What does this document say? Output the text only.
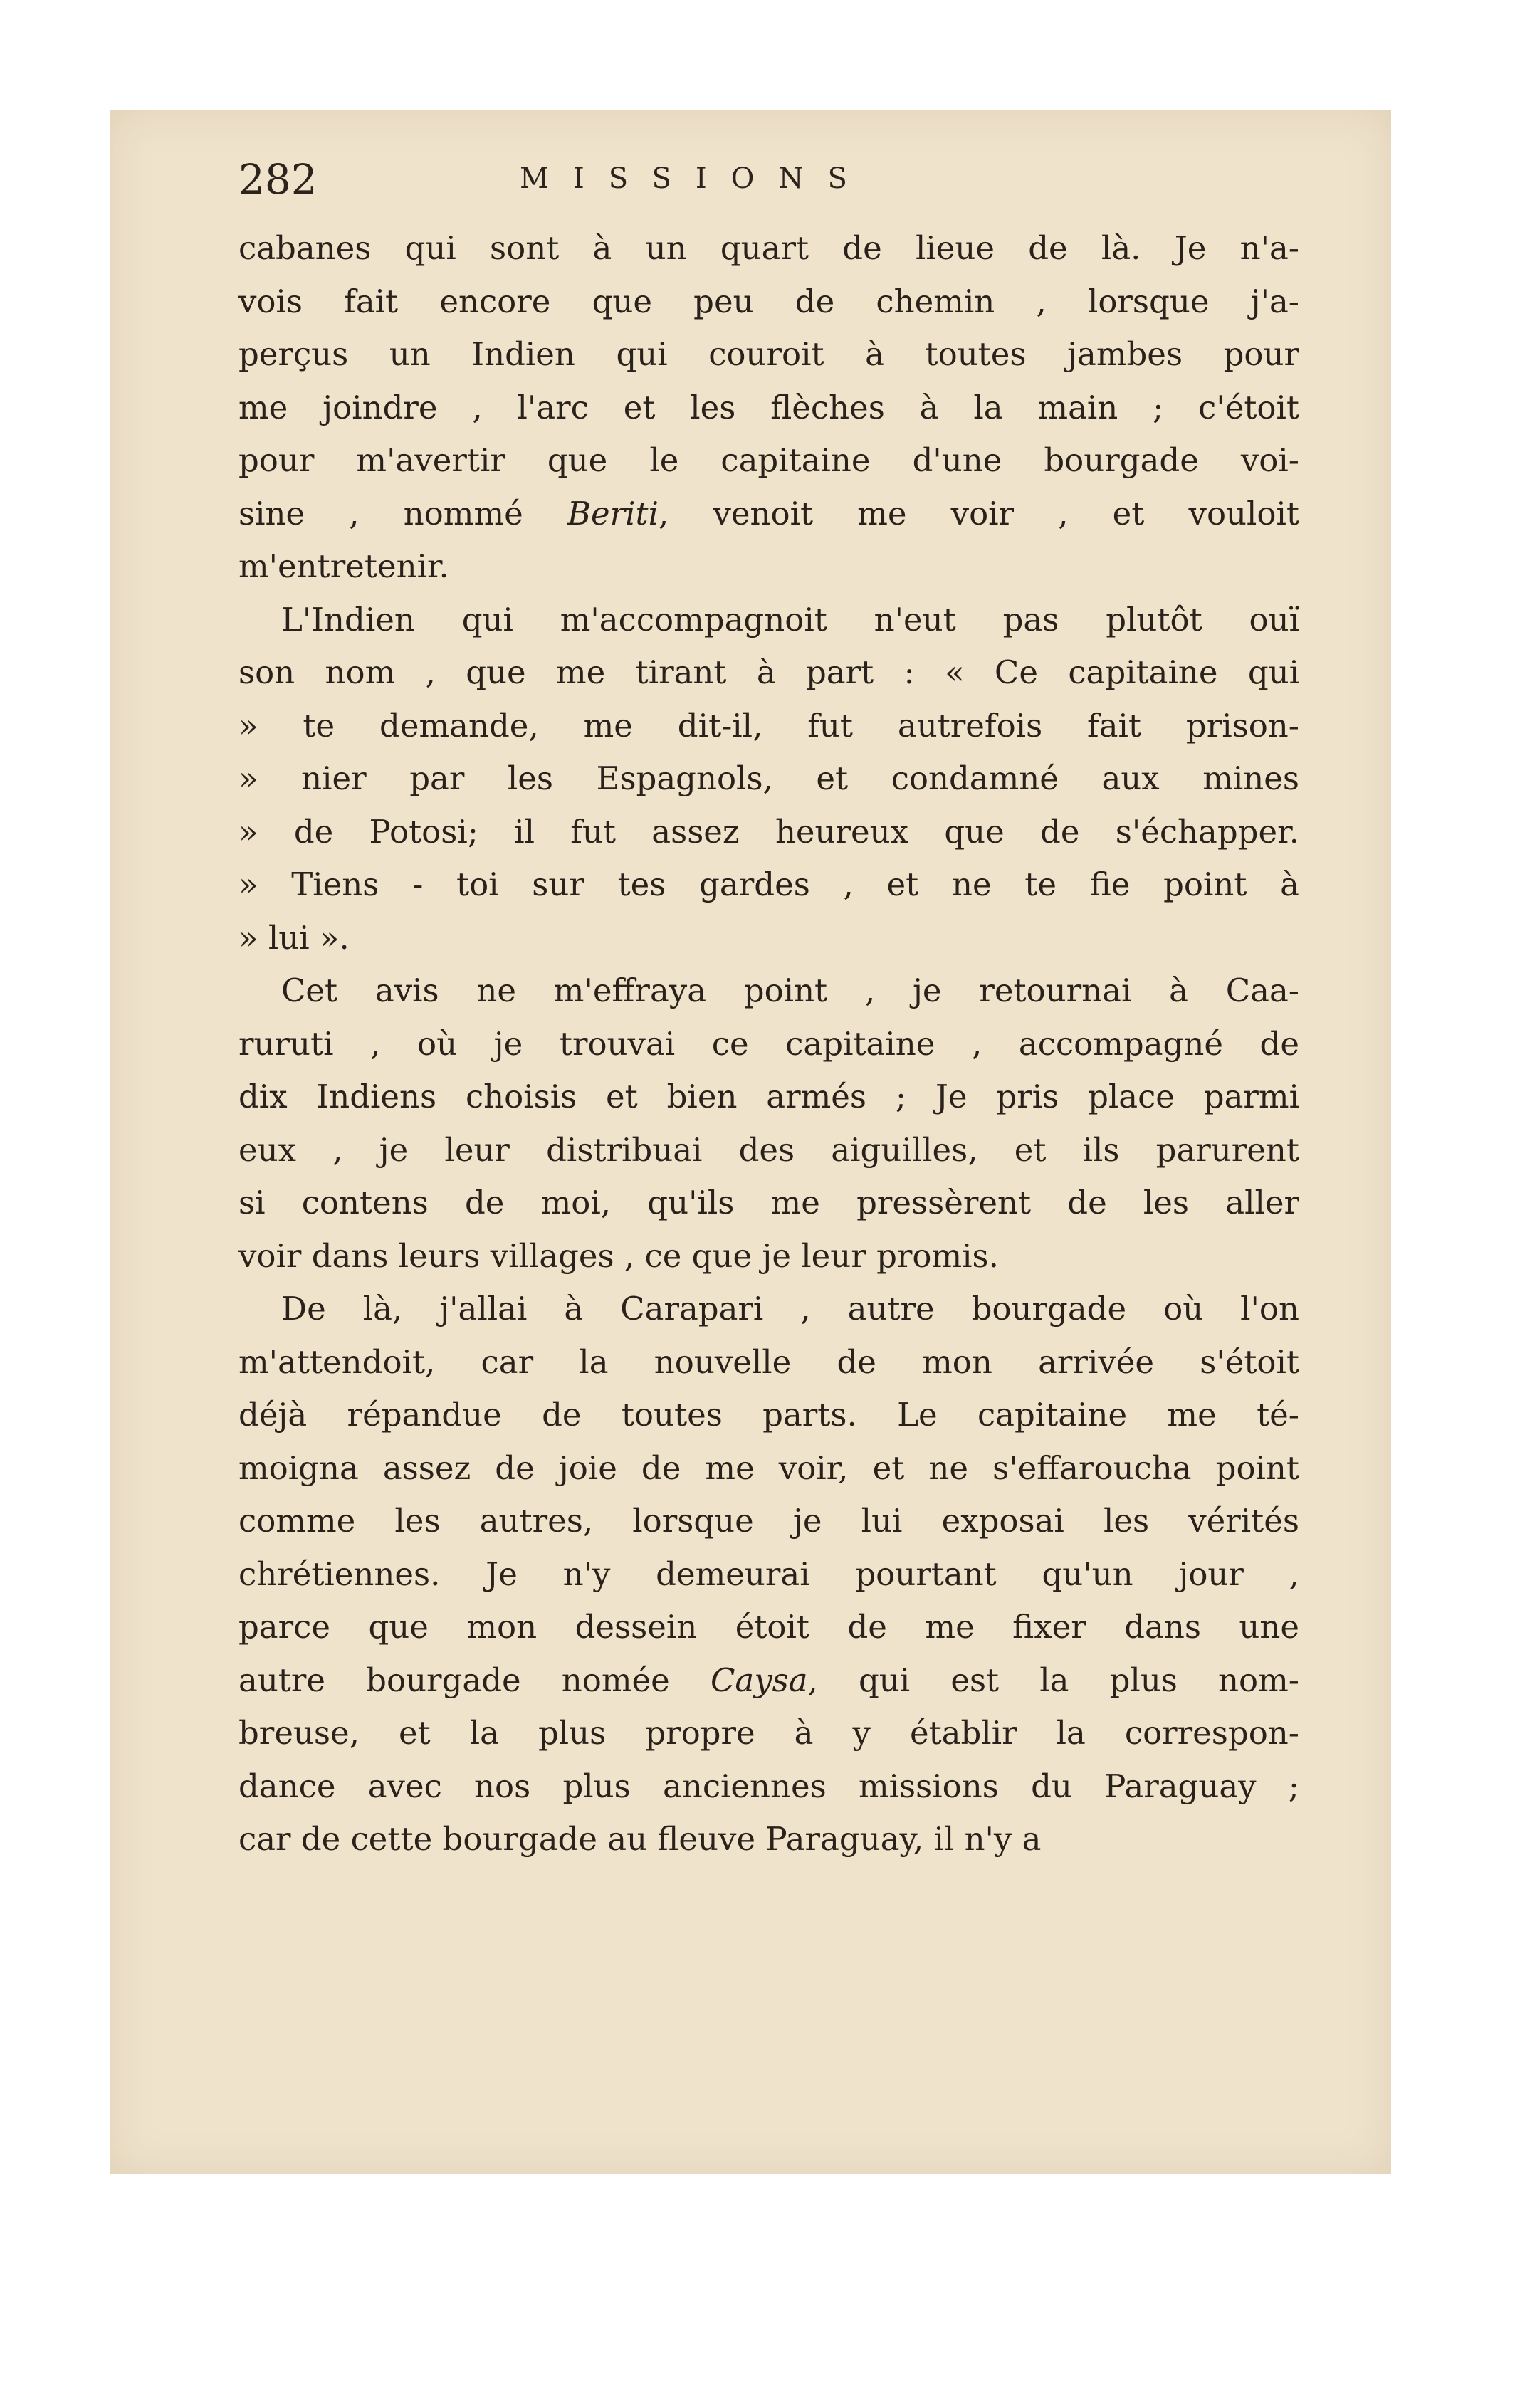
282	MISSIONS
cabanes qui sont à un quart de lieue de là. Je n'a-
vois fait encore que peu de chemin , lorsque j'a-
perçus un Indien qui couroit à toutes jambes pour
me joindre , l'arc et les flèches à la main ; c'étoit
pour m'avertir que le capitaine d'une bourgade voi-
sine , nommé Beriti, venoit me voir , et vouloit
m'entretenir.
L'Indien qui m'accompagnoit n'eut pas plutôt ouï
son nom , que me tirant à part : « Ce capitaine qui
» te demande, me dit-il, fut autrefois fait prison-
» nier par les Espagnols, et condamné aux mines
» de Potosi; il fut assez heureux que de s'échapper.
» Tiens - toi sur tes gardes , et ne te fie point à
» lui ».
Cet avis ne m'effraya point , je retournai à Caa-
ruruti , où je trouvai ce capitaine , accompagné de
dix Indiens choisis et bien armés ; Je pris place parmi
eux , je leur distribuai des aiguilles, et ils parurent
si contens de moi, qu'ils me pressèrent de les aller
voir dans leurs villages , ce que je leur promis.
De là, j'allai à Carapari , autre bourgade où l'on
m'attendoit, car la nouvelle de mon arrivée s'étoit
déjà répandue de toutes parts. Le capitaine me té-
moigna assez de joie de me voir, et ne s'effaroucha point
comme les autres, lorsque je lui exposai les vérités
chrétiennes. Je n'y demeurai pourtant qu'un jour ,
parce que mon dessein étoit de me fixer dans une
autre bourgade nomée Caysa, qui est la plus nom-
breuse, et la plus propre à y établir la correspon-
dance avec nos plus anciennes missions du Paraguay ;
car de cette bourgade au fleuve Paraguay, il n'y a
